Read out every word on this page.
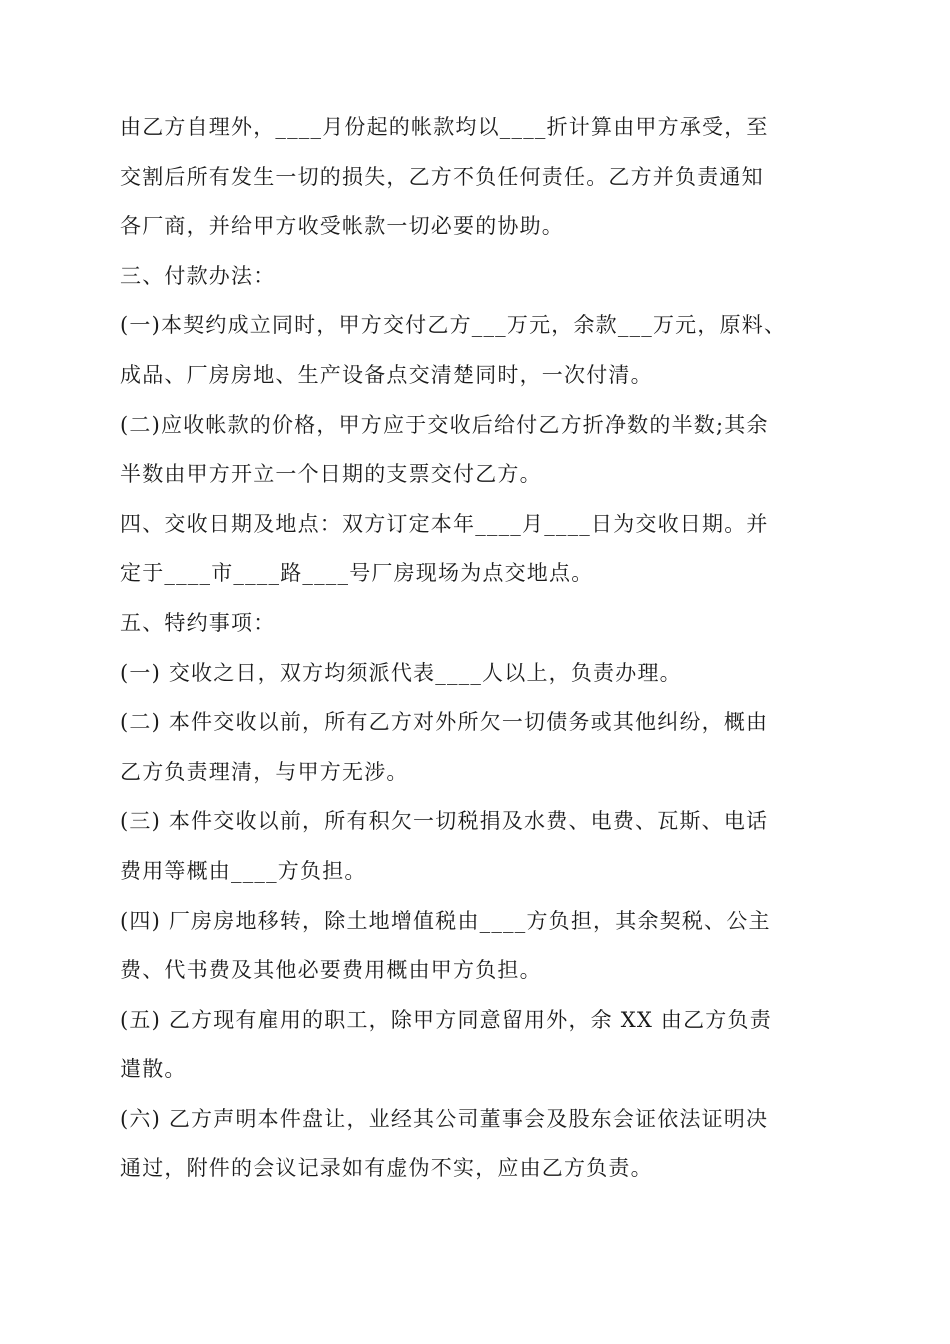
由乙方自理外，____月份起的帐款均以____折计算由甲方承受，至
交割后所有发生一切的损失，乙方不负任何责任。乙方并负责通知
各厂商，并给甲方收受帐款一切必要的协助。
三、付款办法：
(一)本契约成立同时，甲方交付乙方___万元，余款___万元，原料、
成品、厂房房地、生产设备点交清楚同时，一次付清。
(二)应收帐款的价格，甲方应于交收后给付乙方折净数的半数;其余
半数由甲方开立一个日期的支票交付乙方。
四、交收日期及地点：双方订定本年____月____日为交收日期。并
定于____市____路____号厂房现场为点交地点。
五、特约事项：
(一) 交收之日，双方均须派代表____人以上，负责办理。
(二) 本件交收以前，所有乙方对外所欠一切债务或其他纠纷，概由
乙方负责理清，与甲方无涉。
(三) 本件交收以前，所有积欠一切税捐及水费、电费、瓦斯、电话
费用等概由____方负担。
(四) 厂房房地移转，除土地增值税由____方负担，其余契税、公主
费、代书费及其他必要费用概由甲方负担。
(五) 乙方现有雇用的职工，除甲方同意留用外，余 XX 由乙方负责
遣散。
(六) 乙方声明本件盘让，业经其公司董事会及股东会证依法证明决
通过，附件的会议记录如有虚伪不实，应由乙方负责。
